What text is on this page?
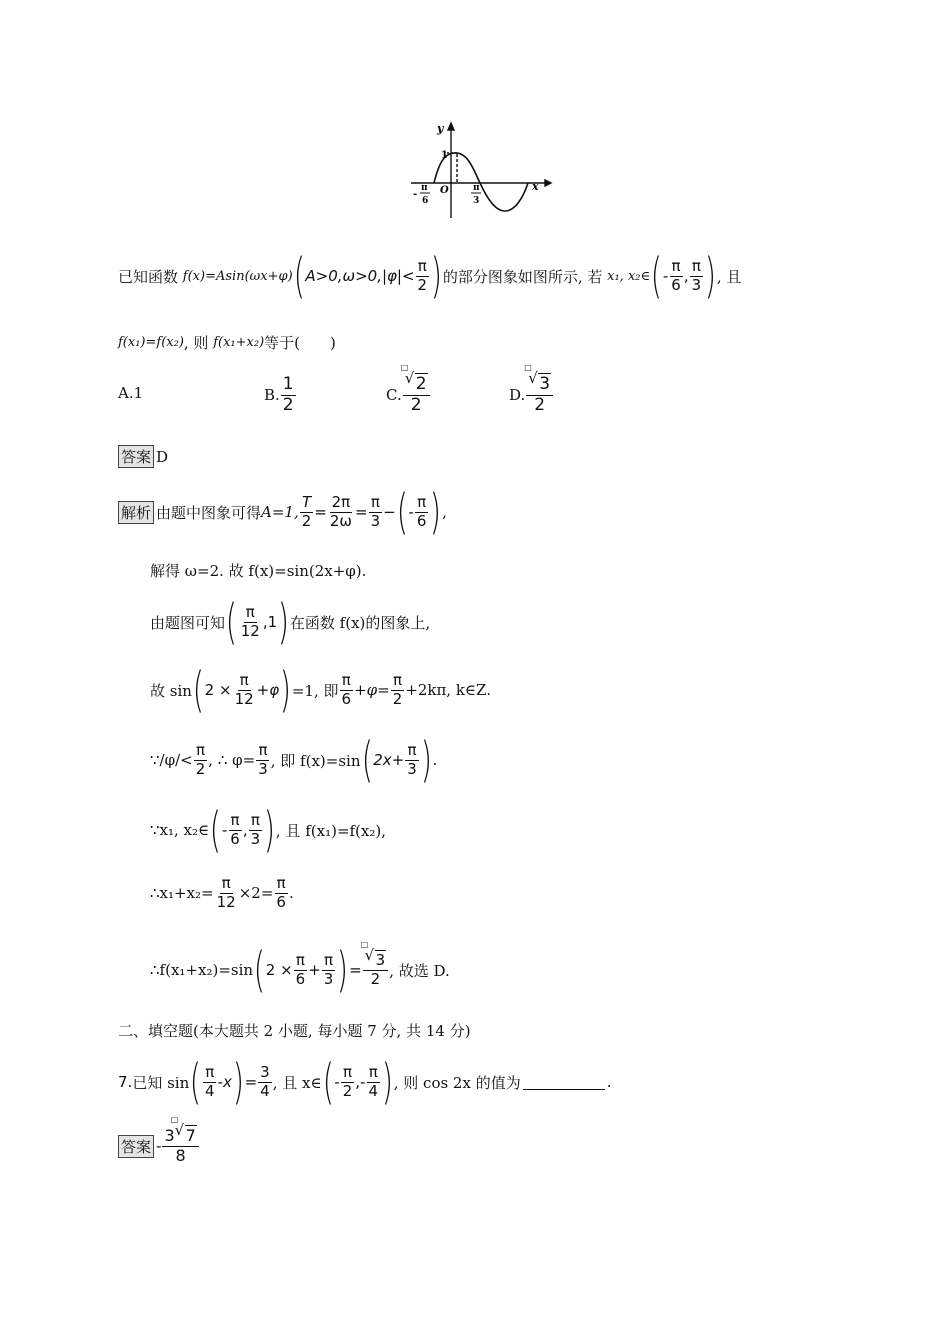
y
x
1
O
-
π
6
π
3
已知函数
f(x)=Asin(ωx+φ) ( $A>0,\omega>0,|\varphi|< \frac{\pi}{2}$ ) 的部分图象如图所示, 若
x₁, x₂∈ ( - $\frac{\pi}{6}$ , $\frac{\pi}{3}$ ) , 且
f(x₁)=f(x₂) , 则
f(x₁+x₂) 等于(　　)
A. 1	B. $\frac{1}{2}$	C. □
√ 2
2	D. □
√ 3
2
答案 D
解析 由题中图象可得 A=1, $\frac{T}{2} = \frac{2\pi}{2\omega} = \frac{\pi}{3}$ − ( - $\frac{\pi}{6}$ ) ,
解得 ω=2. 故 f(x)=sin(2x+φ).
由题图可知 ( $\frac{\pi}{12} ,1$ ) 在函数 f(x)的图象上,
故 sin ( $2 \times \frac{\pi}{12} +\varphi$ ) =1, 即 $\frac{\pi}{6} +\varphi= \frac{\pi}{2} +2k\pi$, k∈Z.
∵/φ/< $\frac{\pi}{2}$ , ∴ $\varphi= \frac{\pi}{3}$ , 即 f(x)=sin ( $2x+ \frac{\pi}{3}$ ) .
∵x₁, x₂∈ ( - $\frac{\pi}{6}$ , $\frac{\pi}{3}$ ) , 且 f(x₁)=f(x₂),
∴x₁+x₂= $\frac{\pi}{12} \times 2= \frac{\pi}{6}$ .
∴f(x₁+x₂)=sin ( $2 \times \frac{\pi}{6} + \frac{\pi}{3}$ ) = □
√ 3
2 , 故选 D.
二、填空题(本大题共 2 小题, 每小题 7 分, 共 14 分)
7. 已知 sin ( $\frac{\pi}{4} -x$ ) = $\frac{3}{4}$ , 且 x∈ ( - $\frac{\pi}{2}$ ,- $\frac{\pi}{4}$ ) , 则 cos 2x 的值为	.
答案 - 3
□
√ 7
8
